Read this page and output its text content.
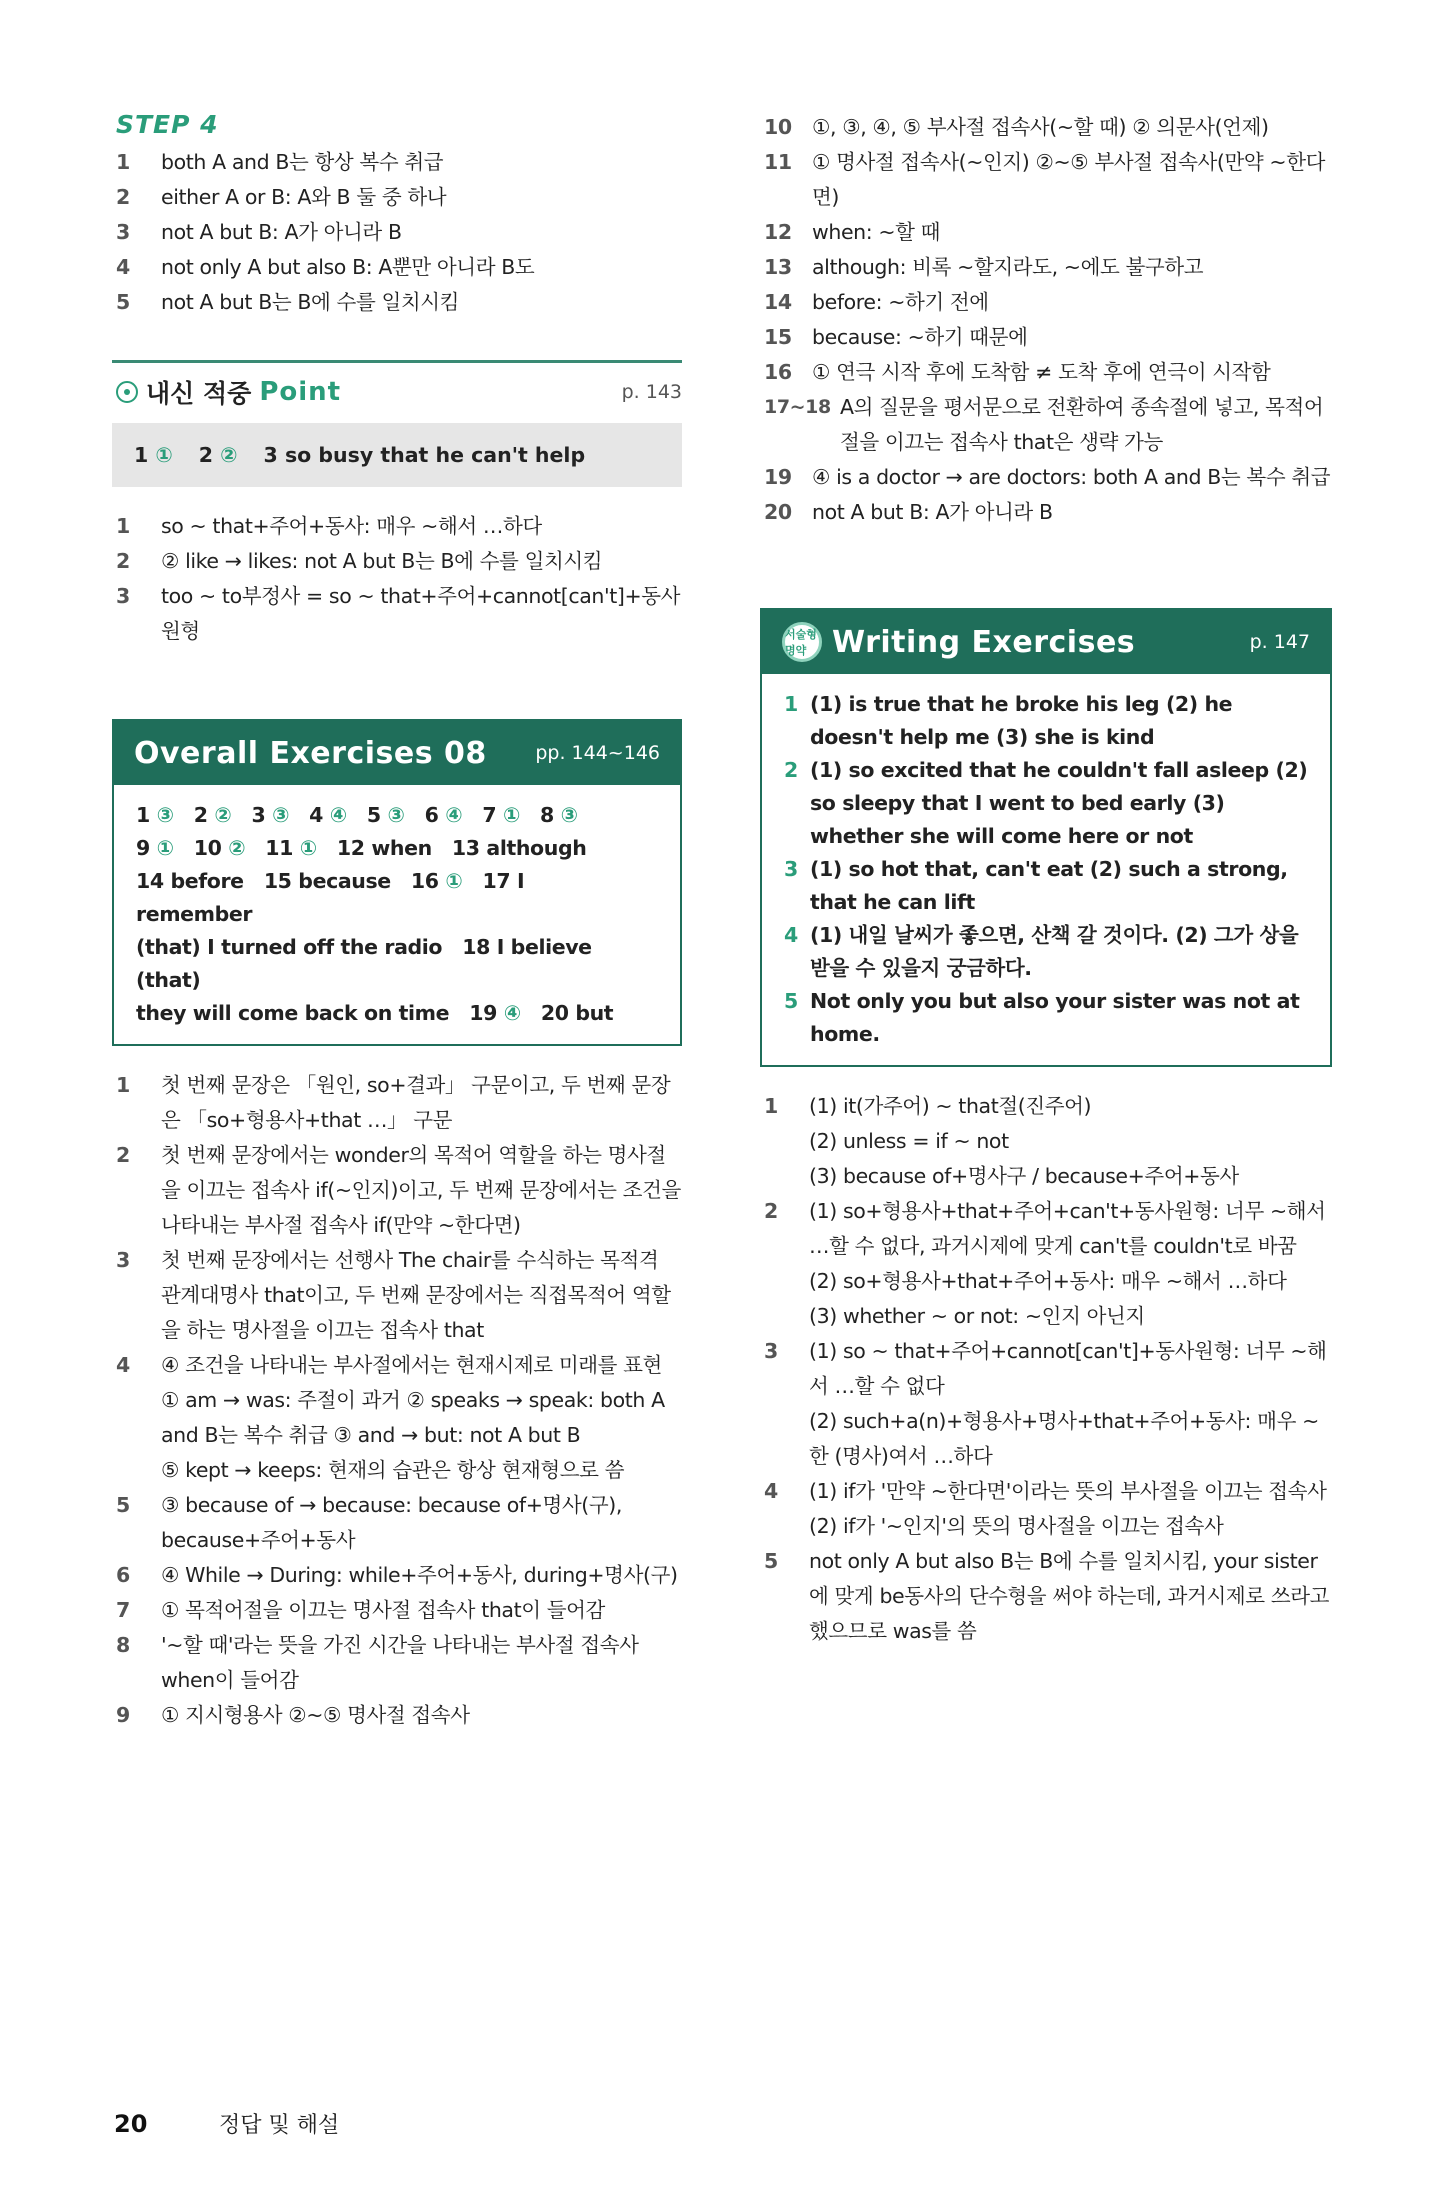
STEP 4
1	both A and B는 항상 복수 취급
2	either A or B: A와 B 둘 중 하나
3	not A but B: A가 아니라 B
4	not only A but also B: A뿐만 아니라 B도
5	not A but B는 B에 수를 일치시킴
내신 적중 Point	p. 143
1
① 2
② 3
so busy that he can't help
1	so ~ that+주어+동사: 매우 ~해서 …하다
2	② like → likes: not A but B는 B에 수를 일치시킴
3	too ~ to부정사 = so ~ that+주어+cannot[can't]+동사원형
Overall Exercises 08	pp. 144~146
1 ③ 2 ② 3 ③ 4 ④ 5 ③ 6 ④ 7 ① 8 ③
9 ① 10 ② 11 ① 12 when 13 although
14 before 15 because 16 ① 17 I remember
(that) I turned off the radio 18 I believe (that)
they will come back on time 19 ④ 20 but
1	첫 번째 문장은 「원인, so+결과」 구문이고, 두 번째 문장은 「so+형용사+that …」 구문
2	첫 번째 문장에서는 wonder의 목적어 역할을 하는 명사절을 이끄는 접속사 if(~인지)이고, 두 번째 문장에서는 조건을 나타내는 부사절 접속사 if(만약 ~한다면)
3	첫 번째 문장에서는 선행사 The chair를 수식하는 목적격 관계대명사 that이고, 두 번째 문장에서는 직접목적어 역할을 하는 명사절을 이끄는 접속사 that
4	④ 조건을 나타내는 부사절에서는 현재시제로 미래를 표현
① am → was: 주절이 과거 ② speaks → speak: both A and B는 복수 취급 ③ and → but: not A but B
⑤ kept → keeps: 현재의 습관은 항상 현재형으로 씀
5	③ because of → because: because of+명사(구), because+주어+동사
6	④ While → During: while+주어+동사, during+명사(구)
7	① 목적어절을 이끄는 명사절 접속사 that이 들어감
8	'~할 때'라는 뜻을 가진 시간을 나타내는 부사절 접속사 when이 들어감
9	① 지시형용사 ②~⑤ 명사절 접속사
10 ①, ③, ④, ⑤ 부사절 접속사(~할 때) ② 의문사(언제)
11 ① 명사절 접속사(~인지) ②~⑤ 부사절 접속사(만약 ~한다면)
12 when: ~할 때
13 although: 비록 ~할지라도, ~에도 불구하고
14 before: ~하기 전에
15 because: ~하기 때문에
16 ① 연극 시작 후에 도착함 ≠ 도착 후에 연극이 시작함
17~18 A의 질문을 평서문으로 전환하여 종속절에 넣고, 목적어절을 이끄는 접속사 that은 생략 가능
19 ④ is a doctor → are doctors: both A and B는 복수 취급
20 not A but B: A가 아니라 B
서술형 명약 Writing Exercises	p. 147
1 (1) is true that he broke his leg (2) he doesn't help me (3) she is kind
2 (1) so excited that he couldn't fall asleep (2) so sleepy that I went to bed early (3) whether she will come here or not
3 (1) so hot that, can't eat (2) such a strong, that he can lift
4 (1) 내일 날씨가 좋으면, 산책 갈 것이다. (2) 그가 상을 받을 수 있을지 궁금하다.
5 Not only you but also your sister was not at home.
1	(1) it(가주어) ~ that절(진주어)
(2) unless = if ~ not
(3) because of+명사구 / because+주어+동사
2	(1) so+형용사+that+주어+can't+동사원형: 너무 ~해서 …할 수 없다, 과거시제에 맞게 can't를 couldn't로 바꿈
(2) so+형용사+that+주어+동사: 매우 ~해서 …하다
(3) whether ~ or not: ~인지 아닌지
3	(1) so ~ that+주어+cannot[can't]+동사원형: 너무 ~해서 …할 수 없다
(2) such+a(n)+형용사+명사+that+주어+동사: 매우 ~한 (명사)여서 …하다
4	(1) if가 '만약 ~한다면'이라는 뜻의 부사절을 이끄는 접속사
(2) if가 '~인지'의 뜻의 명사절을 이끄는 접속사
5	not only A but also B는 B에 수를 일치시킴, your sister에 맞게 be동사의 단수형을 써야 하는데, 과거시제로 쓰라고 했으므로 was를 씀
20	정답 및 해설
